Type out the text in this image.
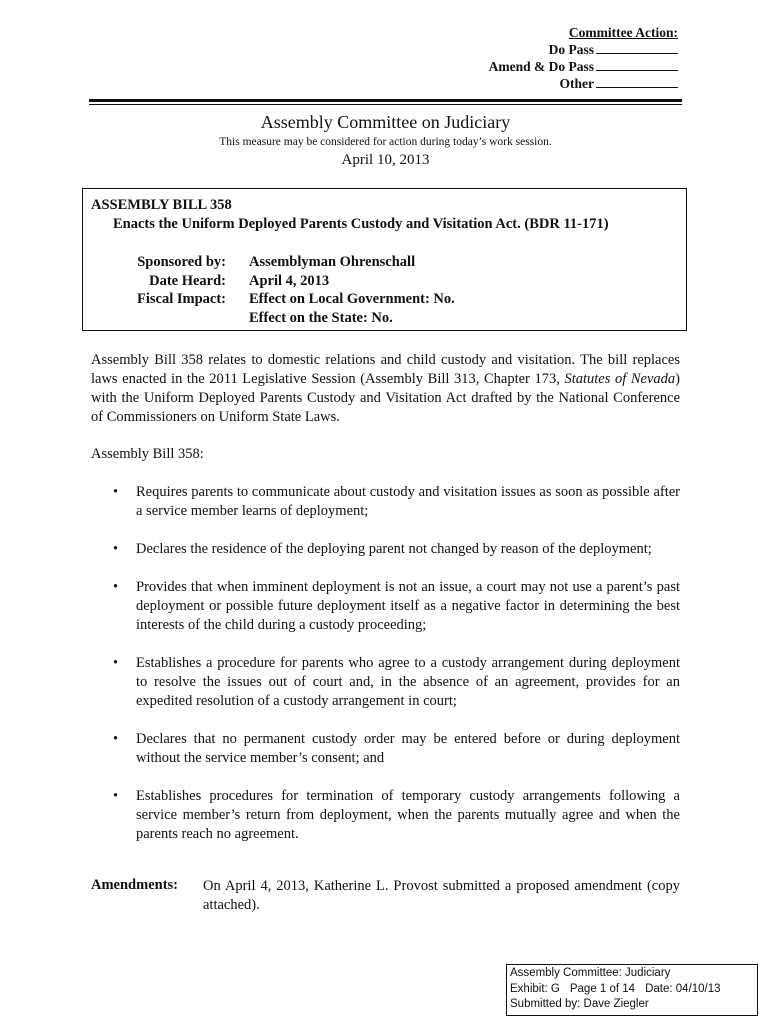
Committee Action:
Do Pass
Amend & Do Pass
Other
Assembly Committee on Judiciary
This measure may be considered for action during today’s work session.
April 10, 2013
ASSEMBLY BILL 358
Enacts the Uniform Deployed Parents Custody and Visitation Act. (BDR 11-171)
Sponsored by: Assemblyman Ohrenschall
Date Heard: April 4, 2013
Fiscal Impact: Effect on Local Government: No.
Effect on the State: No.
Assembly Bill 358 relates to domestic relations and child custody and visitation. The bill replaces laws enacted in the 2011 Legislative Session (Assembly Bill 313, Chapter 173, Statutes of Nevada) with the Uniform Deployed Parents Custody and Visitation Act drafted by the National Conference of Commissioners on Uniform State Laws.
Assembly Bill 358:
• Requires parents to communicate about custody and visitation issues as soon as possible after a service member learns of deployment;
• Declares the residence of the deploying parent not changed by reason of the deployment;
• Provides that when imminent deployment is not an issue, a court may not use a parent’s past deployment or possible future deployment itself as a negative factor in determining the best interests of the child during a custody proceeding;
• Establishes a procedure for parents who agree to a custody arrangement during deployment to resolve the issues out of court and, in the absence of an agreement, provides for an expedited resolution of a custody arrangement in court;
• Declares that no permanent custody order may be entered before or during deployment without the service member’s consent; and
• Establishes procedures for termination of temporary custody arrangements following a service member’s return from deployment, when the parents mutually agree and when the parents reach no agreement.
Amendments: On April 4, 2013, Katherine L. Provost submitted a proposed amendment (copy attached).
Assembly Committee: Judiciary
Exhibit: G Page 1 of 14 Date: 04/10/13
Submitted by: Dave Ziegler
